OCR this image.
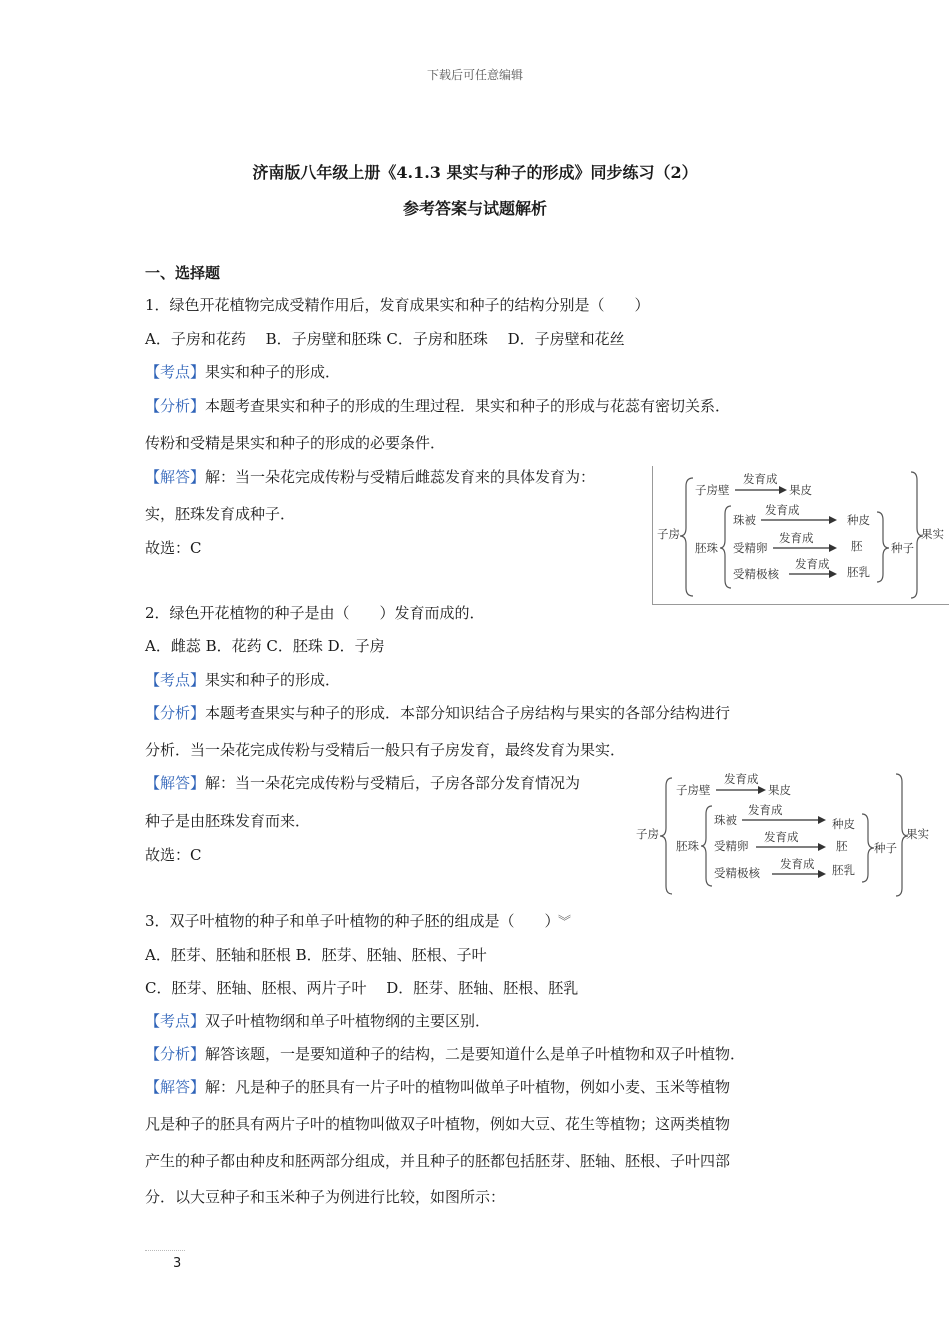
下载后可任意编辑
济南版八年级上册《4.1.3 果实与种子的形成》同步练习（2）
参考答案与试题解析
一、选择题
1．绿色开花植物完成受精作用后，发育成果实和种子的结构分别是（　　）
A．子房和花药　 B．子房壁和胚珠 C．子房和胚珠　 D．子房壁和花丝
【考点】果实和种子的形成．
【分析】本题考查果实和种子的形成的生理过程．果实和种子的形成与花蕊有密切关系．
传粉和受精是果实和种子的形成的必要条件．
【解答】解：当一朵花完成传粉与受精后雌蕊发育来的具体发育为：
实，胚珠发育成种子．
故选：C
子房
子房壁
发育成
果皮
胚珠
珠被
发育成
受精卵
发育成
受精极核
发育成
种皮
胚
胚乳
种子
果实
2．绿色开花植物的种子是由（　　）发育而成的．
A．雌蕊 B．花药 C．胚珠 D．子房
【考点】果实和种子的形成．
【分析】本题考查果实与种子的形成．本部分知识结合子房结构与果实的各部分结构进行
分析．当一朵花完成传粉与受精后一般只有子房发育，最终发育为果实．
【解答】解：当一朵花完成传粉与受精后，子房各部分发育情况为
种子是由胚珠发育而来．
故选：C
子房
子房壁
发育成
果皮
胚珠
珠被
发育成
受精卵
发育成
受精极核
发育成
种皮
胚
胚乳
种子
果实
3．双子叶植物的种子和单子叶植物的种子胚的组成是（　　） ︾
A．胚芽、胚轴和胚根 B．胚芽、胚轴、胚根、子叶
C．胚芽、胚轴、胚根、两片子叶　 D．胚芽、胚轴、胚根、胚乳
【考点】双子叶植物纲和单子叶植物纲的主要区别．
【分析】解答该题，一是要知道种子的结构，二是要知道什么是单子叶植物和双子叶植物．
【解答】解：凡是种子的胚具有一片子叶的植物叫做单子叶植物，例如小麦、玉米等植物
凡是种子的胚具有两片子叶的植物叫做双子叶植物，例如大豆、花生等植物；这两类植物
产生的种子都由种皮和胚两部分组成，并且种子的胚都包括胚芽、胚轴、胚根、子叶四部
分．以大豆种子和玉米种子为例进行比较，如图所示：
3
